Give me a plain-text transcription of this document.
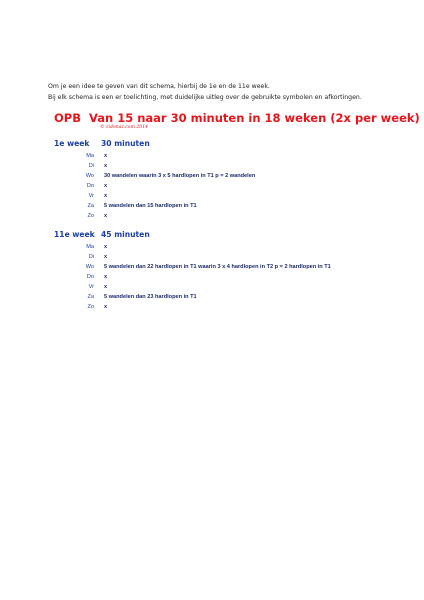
Om je een idee te geven van dit schema, hierbij de 1e en de 11e week.
Bij elk schema is een er toelichting, met duidelijke uitleg over de gebruikte symbolen en afkortingen.
OPB Van 15 naar 30 minuten in 18 weken (2x per week)
© zidonaz.com 2014
1e week 30 minuten
Ma x
Di x
Wo 30 wandelen waarin 3 x 5 hardlopen in T1 p = 2 wandelen
Do x
Vr x
Za 5 wandelen dan 15 hardlopen in T1
Zo x
11e week 45 minuten
Ma x
Di x
Wo 5 wandelen dan 22 hardlopen in T1 waarin 3 x 4 hardlopen in T2 p = 2 hardlopen in T1
Do x
Vr x
Za 5 wandelen dan 23 hardlopen in T1
Zo x
